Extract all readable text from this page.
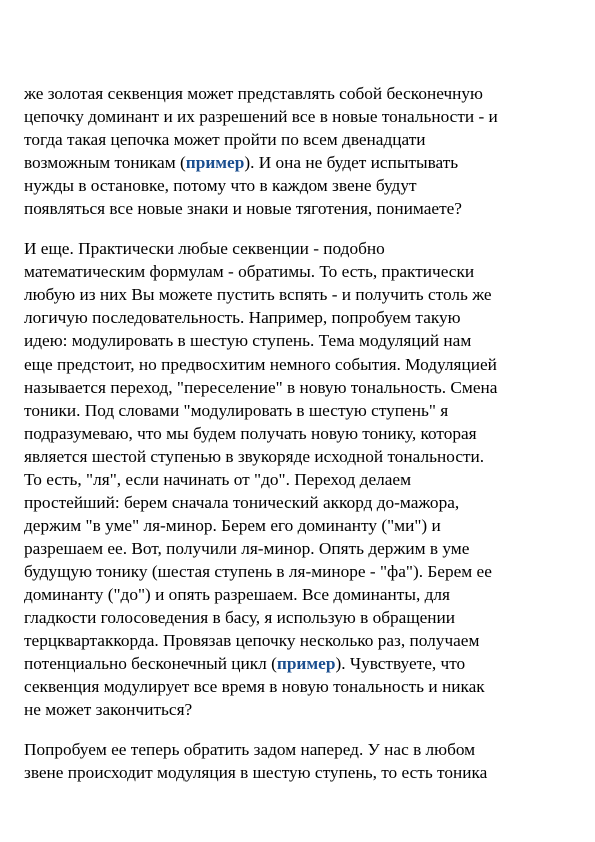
же золотая секвенция может представлять собой бесконечную
цепочку доминант и их разрешений все в новые тональности - и
тогда такая цепочка может пройти по всем двенадцати
возможным тоникам (пример). И она не будет испытывать
нужды в остановке, потому что в каждом звене будут
появляться все новые знаки и новые тяготения, понимаете?

И еще. Практически любые секвенции - подобно
математическим формулам - обратимы. То есть, практически
любую из них Вы можете пустить вспять - и получить столь же
логичую последовательность. Например, попробуем такую
идею: модулировать в шестую ступень. Тема модуляций нам
еще предстоит, но предвосхитим немного события. Модуляцией
называется переход, "переселение" в новую тональность. Смена
тоники. Под словами "модулировать в шестую ступень" я
подразумеваю, что мы будем получать новую тонику, которая
является шестой ступенью в звукоряде исходной тональности.
То есть, "ля", если начинать от "до". Переход делаем
простейший: берем сначала тонический аккорд до-мажора,
держим "в уме" ля-минор. Берем его доминанту ("ми") и
разрешаем ее. Вот, получили ля-минор. Опять держим в уме
будущую тонику (шестая ступень в ля-миноре - "фа"). Берем ее
доминанту ("до") и опять разрешаем. Все доминанты, для
гладкости голосоведения в басу, я использую в обращении
терцквартаккорда. Провязав цепочку несколько раз, получаем
потенциально бесконечный цикл (пример). Чувствуете, что
секвенция модулирует все время в новую тональность и никак
не может закончиться?

Попробуем ее теперь обратить задом наперед. У нас в любом
звене происходит модуляция в шестую ступень, то есть тоника
